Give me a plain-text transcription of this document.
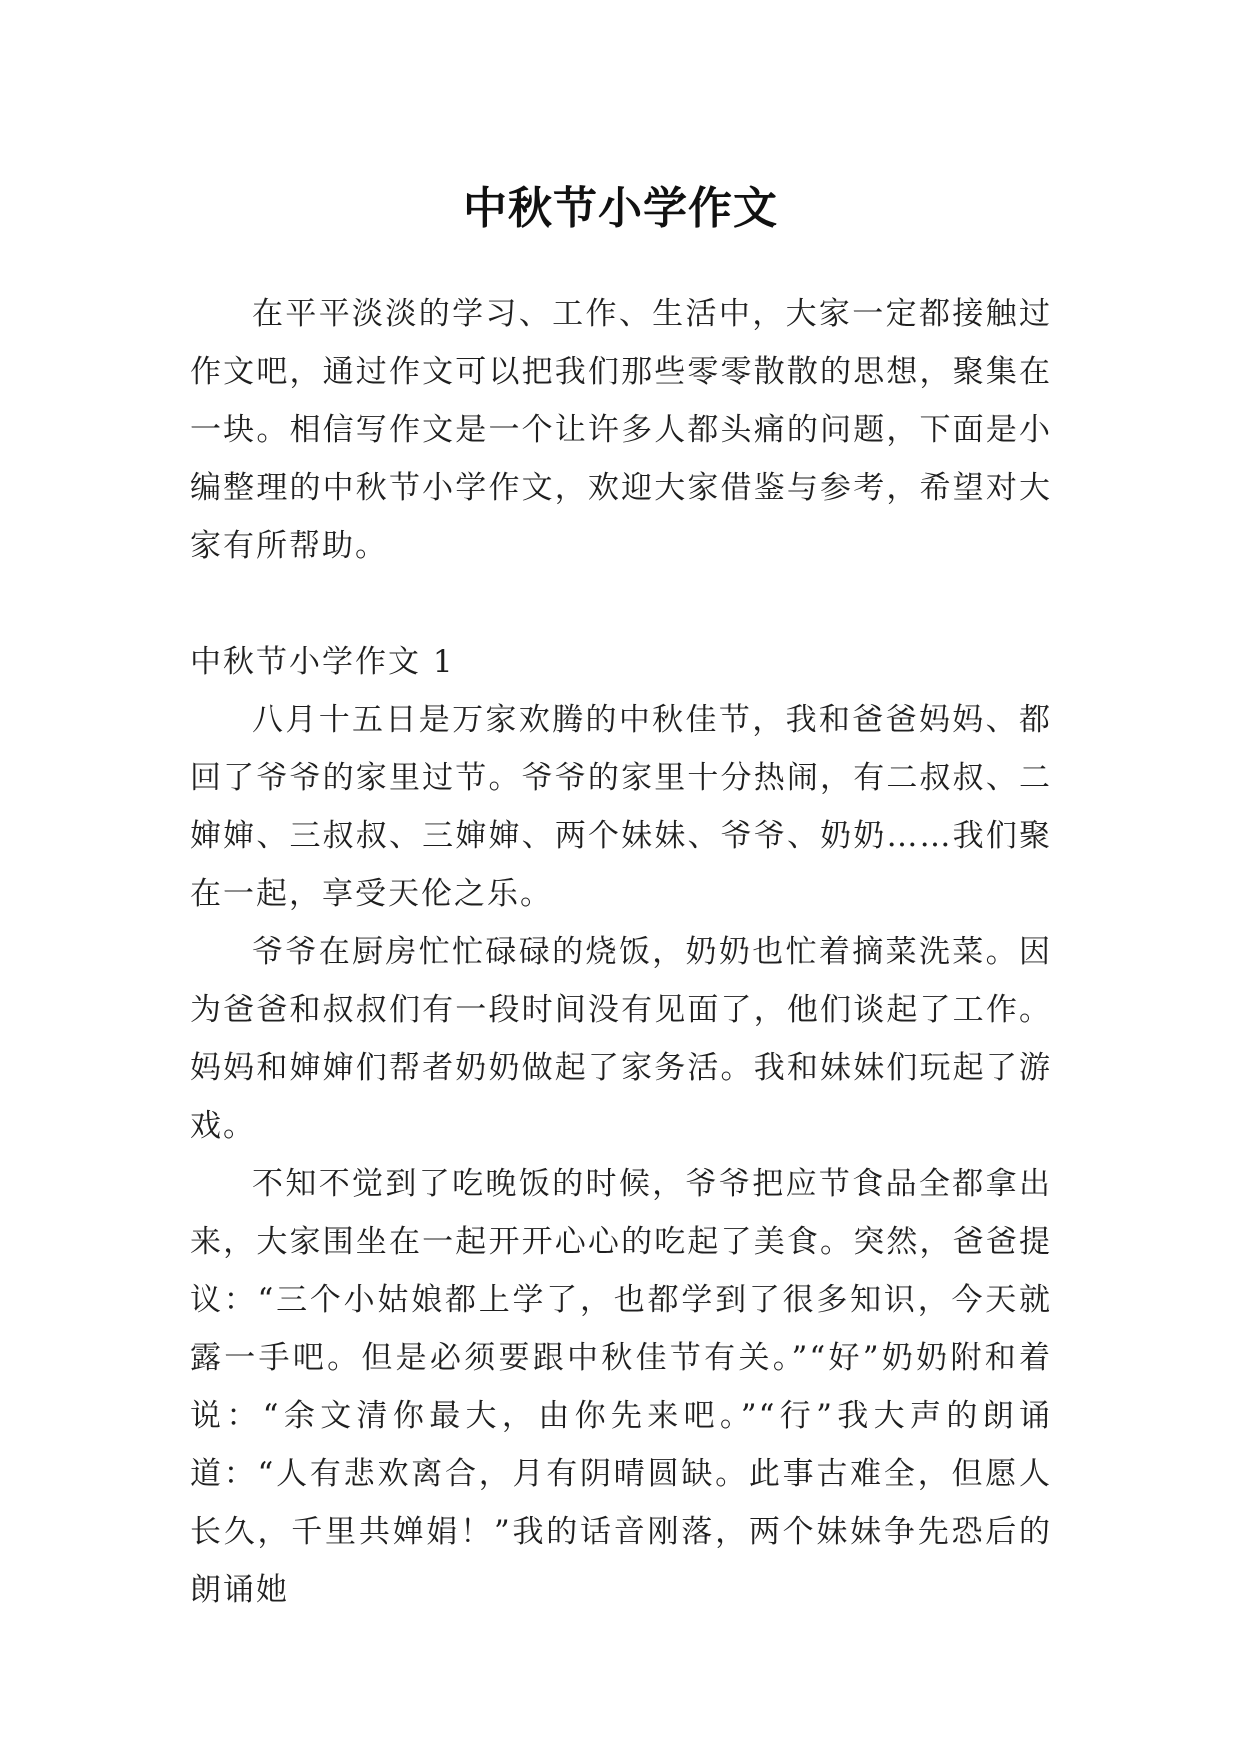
中秋节小学作文

在平平淡淡的学习、工作、生活中，大家一定都接触过作文吧，通过作文可以把我们那些零零散散的思想，聚集在一块。相信写作文是一个让许多人都头痛的问题，下面是小编整理的中秋节小学作文，欢迎大家借鉴与参考，希望对大家有所帮助。

中秋节小学作文 1

八月十五日是万家欢腾的中秋佳节，我和爸爸妈妈、都回了爷爷的家里过节。爷爷的家里十分热闹，有二叔叔、二婶婶、三叔叔、三婶婶、两个妹妹、爷爷、奶奶……我们聚在一起，享受天伦之乐。

爷爷在厨房忙忙碌碌的烧饭，奶奶也忙着摘菜洗菜。因为爸爸和叔叔们有一段时间没有见面了，他们谈起了工作。妈妈和婶婶们帮者奶奶做起了家务活。我和妹妹们玩起了游戏。

不知不觉到了吃晚饭的时候，爷爷把应节食品全都拿出来，大家围坐在一起开开心心的吃起了美食。突然，爸爸提议：“三个小姑娘都上学了，也都学到了很多知识，今天就露一手吧。但是必须要跟中秋佳节有关。”“好”奶奶附和着说：“余文清你最大，由你先来吧。”“行”我大声的朗诵道：“人有悲欢离合，月有阴晴圆缺。此事古难全，但愿人长久，千里共婵娟！”我的话音刚落，两个妹妹争先恐后的朗诵她
